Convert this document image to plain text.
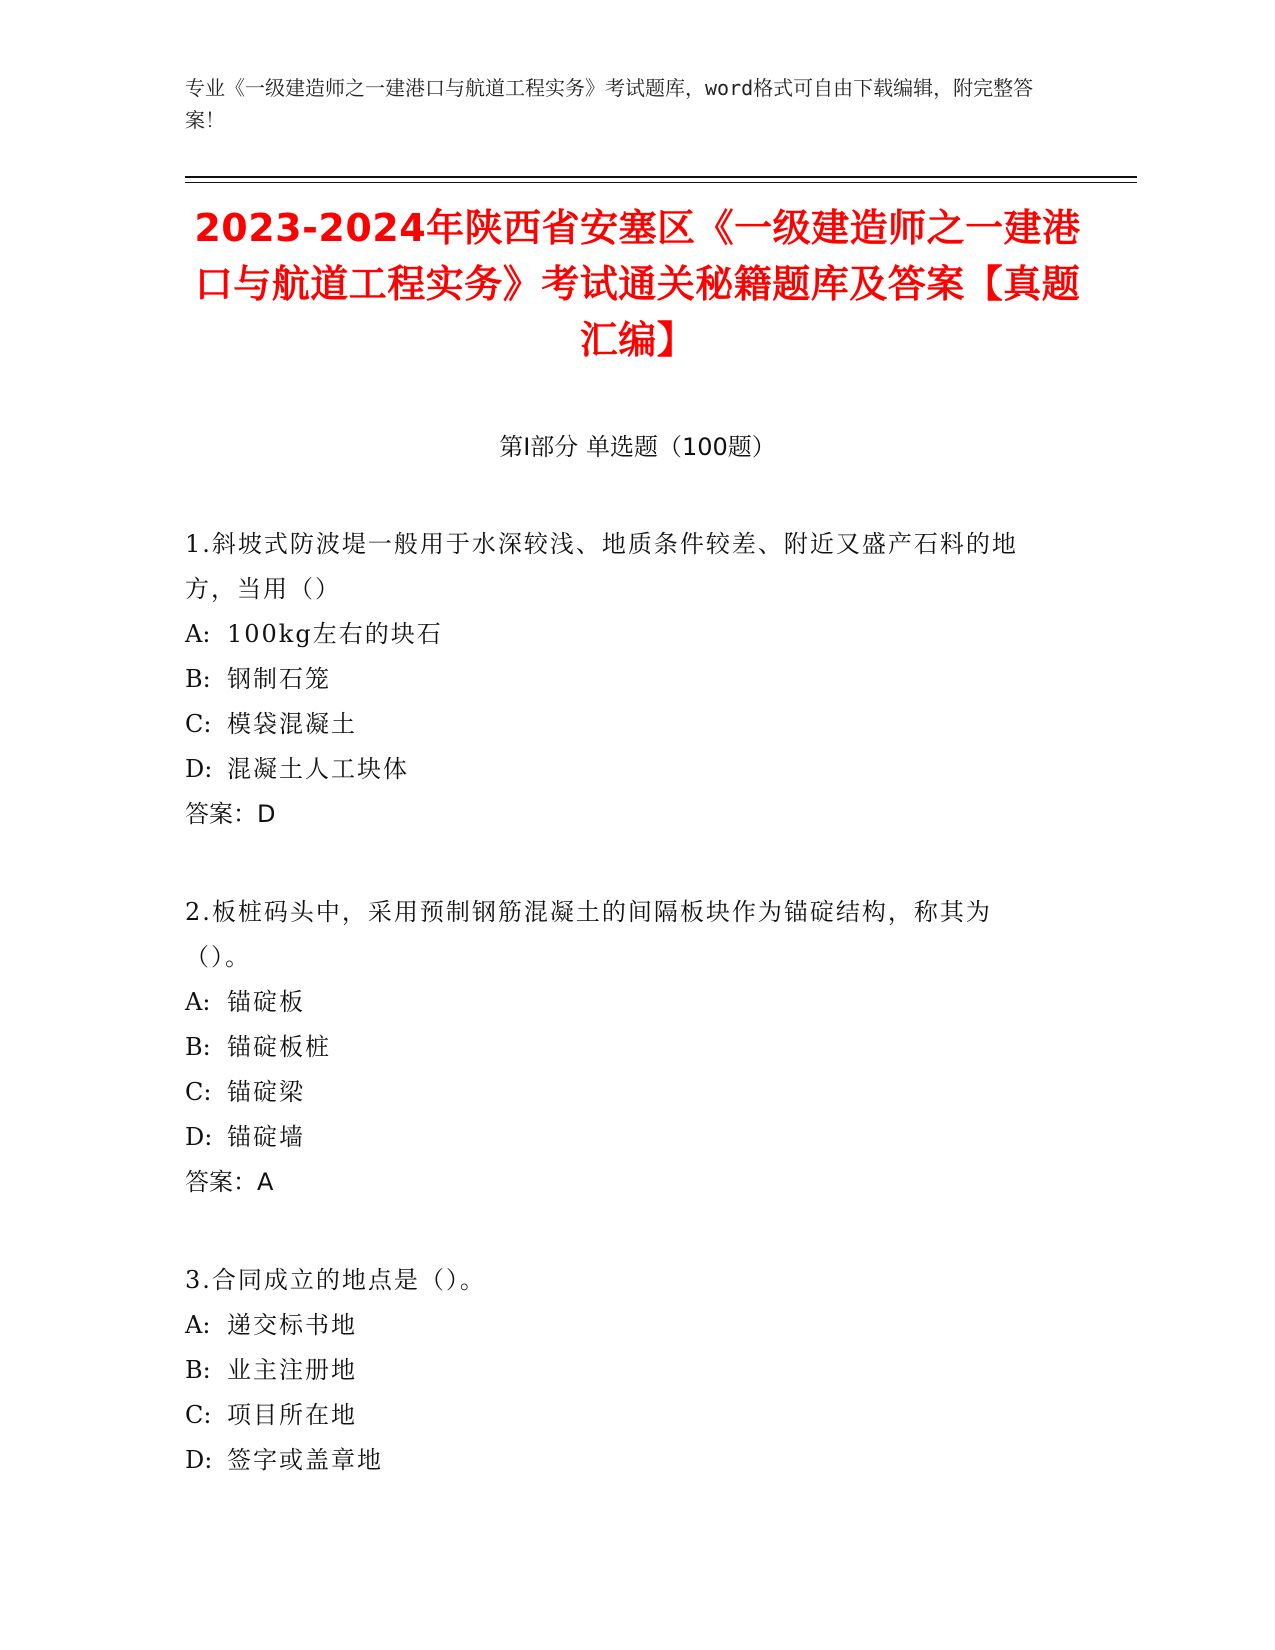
专业《一级建造师之一建港口与航道工程实务》考试题库，word格式可自由下载编辑，附完整答案！
2023-2024年陕西省安塞区《一级建造师之一建港口与航道工程实务》考试通关秘籍题库及答案【真题汇编】
第Ⅰ部分 单选题（100题）
1.斜坡式防波堤一般用于水深较浅、地质条件较差、附近又盛产石料的地方，当用（）
A: 100kg左右的块石
B: 钢制石笼
C: 模袋混凝土
D: 混凝土人工块体
答案：D
2.板桩码头中，采用预制钢筋混凝土的间隔板块作为锚碇结构，称其为（）。
A: 锚碇板
B: 锚碇板桩
C: 锚碇梁
D: 锚碇墙
答案：A
3.合同成立的地点是（）。
A: 递交标书地
B: 业主注册地
C: 项目所在地
D: 签字或盖章地
